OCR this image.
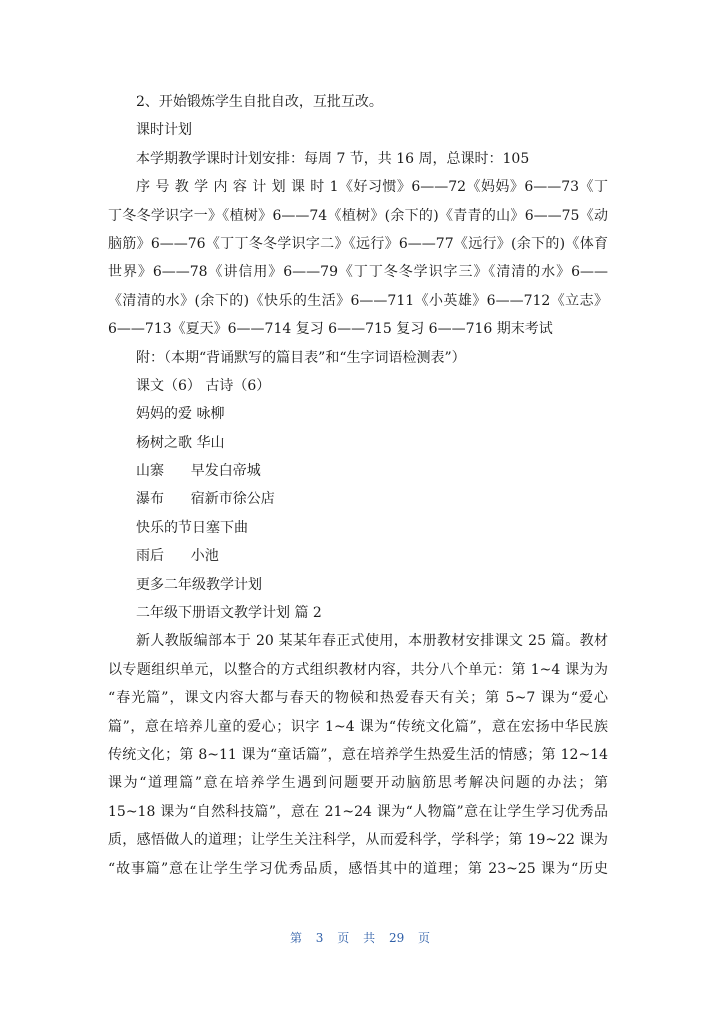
2、开始锻炼学生自批自改，互批互改。
课时计划
本学期教学课时计划安排：每周 7 节，共 16 周，总课时：105
序 号 教 学 内 容 计 划 课 时 1《好习惯》6——72《妈妈》6——73《丁
丁冬冬学识字一》《植树》6——74《植树》(余下的)《青青的山》6——75《动
脑筋》6——76《丁丁冬冬学识字二》《远行》6——77《远行》(余下的)《体育
世界》6——78《讲信用》6——79《丁丁冬冬学识字三》《清清的水》6——
《清清的水》(余下的)《快乐的生活》6——711《小英雄》6——712《立志》
6——713《夏天》6——714 复习 6——715 复习 6——716 期末考试
附：（本期“背诵默写的篇目表”和“生字词语检测表”）
课文（6） 古诗（6）
妈妈的爱 咏柳
杨树之歌 华山
山寨      早发白帝城
瀑布      宿新市徐公店
快乐的节日塞下曲
雨后      小池
更多二年级教学计划
二年级下册语文教学计划 篇 2
新人教版编部本于 20 某某年春正式使用，本册教材安排课文 25 篇。教材
以专题组织单元，以整合的方式组织教材内容，共分八个单元：第 1~4 课为为
“春光篇”，课文内容大都与春天的物候和热爱春天有关；第 5~7 课为“爱心
篇”，意在培养儿童的爱心；识字 1~4 课为“传统文化篇”，意在宏扬中华民族
传统文化；第 8~11 课为“童话篇”，意在培养学生热爱生活的情感；第 12~14
课为“道理篇”意在培养学生遇到问题要开动脑筋思考解决问题的办法；第
15~18 课为“自然科技篇”，意在 21~24 课为“人物篇”意在让学生学习优秀品
质，感悟做人的道理；让学生关注科学，从而爱科学，学科学；第 19~22 课为
“故事篇”意在让学生学习优秀品质，感悟其中的道理；第 23~25 课为“历史
第 3 页 共 29 页
